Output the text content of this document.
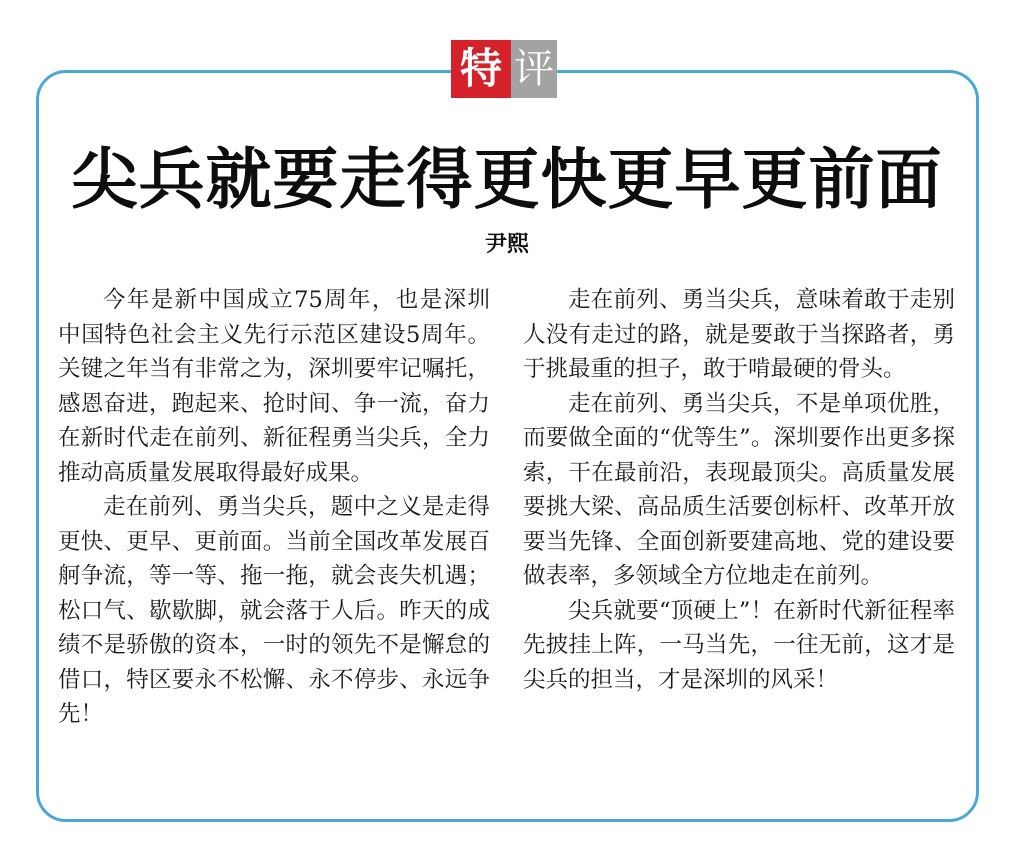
特 评
尖兵就要走得更快更早更前面
尹熙

今年是新中国成立75周年，也是深圳中国特色社会主义先行示范区建设5周年。关键之年当有非常之为，深圳要牢记嘱托，感恩奋进，跑起来、抢时间、争一流，奋力在新时代走在前列、新征程勇当尖兵，全力推动高质量发展取得最好成果。

走在前列、勇当尖兵，题中之义是走得更快、更早、更前面。当前全国改革发展百舸争流，等一等、拖一拖，就会丧失机遇；松口气、歇歇脚，就会落于人后。昨天的成绩不是骄傲的资本，一时的领先不是懈怠的借口，特区要永不松懈、永不停步、永远争先！

走在前列、勇当尖兵，意味着敢于走别人没有走过的路，就是要敢于当探路者，勇于挑最重的担子，敢于啃最硬的骨头。

走在前列、勇当尖兵，不是单项优胜，而要做全面的“优等生”。深圳要作出更多探索，干在最前沿，表现最顶尖。高质量发展要挑大梁、高品质生活要创标杆、改革开放要当先锋、全面创新要建高地、党的建设要做表率，多领域全方位地走在前列。

尖兵就要“顶硬上”！在新时代新征程率先披挂上阵，一马当先，一往无前，这才是尖兵的担当，才是深圳的风采！
